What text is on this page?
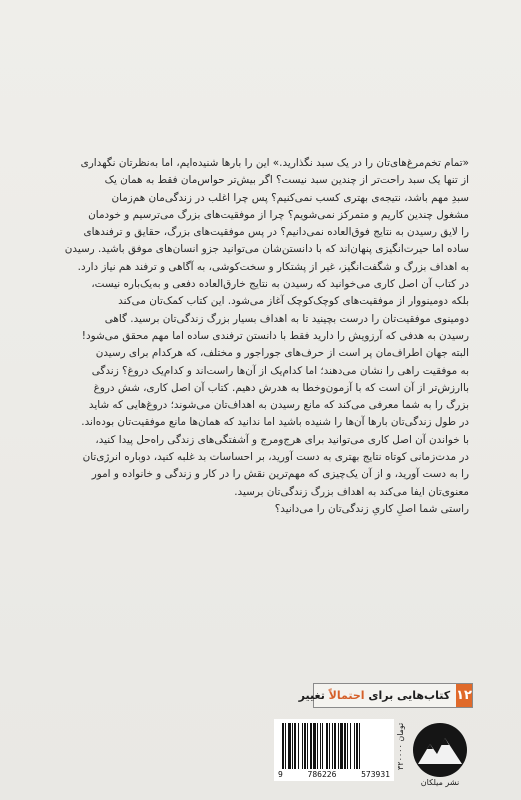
«تمام تخم‌مرغ‌های‌تان را در یک سبد نگذارید.» این را بارها شنیده‌ایم، اما به‌نظرتان نگهداری

از تنها یک سبد راحت‌تر از چندین سبد نیست؟ اگر بیش‌تر حواس‌مان فقط به همان یک

سبدِ مهم باشد، نتیجه‌ی بهتری کسب نمی‌کنیم؟ پس چرا اغلب در زندگی‌مان هم‌زمان

مشغول چندین کاریم و متمرکز نمی‌شویم؟ چرا از موفقیت‌های بزرگ می‌ترسیم و خودمان

را لایق رسیدن به نتایج فوق‌العاده نمی‌دانیم؟ در پس موفقیت‌های بزرگ، حقایق و ترفندهای

ساده اما حیرت‌انگیزی پنهان‌اند که با دانستن‌شان می‌توانید جزو انسان‌های موفق باشید. رسیدن

به اهداف بزرگ و شگفت‌انگیز، غیر از پشتکار و سخت‌کوشی، به آگاهی و ترفند هم نیاز دارد.

در کتاب آن اصل کاری می‌خوانید که رسیدن به نتایج خارق‌العاده دفعی و به‌یک‌باره نیست،

بلکه دومینووار از موفقیت‌های کوچک‌کوچک آغاز می‌شود. این کتاب کمک‌تان می‌کند

دومینوی موفقیت‌تان را درست بچینید تا به اهداف بسیار بزرگ زندگی‌تان برسید. گاهی

رسیدن به هدفی که آرزویش را دارید فقط با دانستن ترفندی ساده اما مهم محقق می‌شود!

البته جهان اطراف‌مان پر است از حرف‌های جوراجور و مختلف، که هرکدام برای رسیدن

به موفقیت راهی را نشان می‌دهند؛ اما کدام‌یک از آن‌ها راست‌اند و کدام‌یک دروغ؟ زندگی

باارزش‌تر از آن است که با آزمون‌وخطا به هدرش دهیم. کتاب آن اصل کاری، شش دروغ

بزرگ را به شما معرفی می‌کند که مانع رسیدن به اهداف‌تان می‌شوند؛ دروغ‌هایی که شاید

در طول زندگی‌تان بارها آن‌ها را شنیده باشید اما ندانید که همان‌ها مانع موفقیت‌تان بوده‌اند.

با خواندن آن اصل کاری می‌توانید برای هرج‌ومرج و آشفتگی‌های زندگی راه‌حل پیدا کنید،

در مدت‌زمانی کوتاه نتایج بهتری به دست آورید، بر احساسات بد غلبه کنید، دوباره انرژی‌تان

را به دست آورید، و از آن یک‌چیزی که مهم‌ترین نقش را در کار و زندگی و خانواده و امور

معنوی‌تان ایفا می‌کند به اهداف بزرگ زندگی‌تان برسید.

راستی شما اصلِ کاریِ زندگی‌تان را می‌دانید؟

۱۲
کتاب‌هایی برای احتمالاً تغییر
9	786226	573931
۳۲۰۰۰۰ تومان
نشر میلکان
